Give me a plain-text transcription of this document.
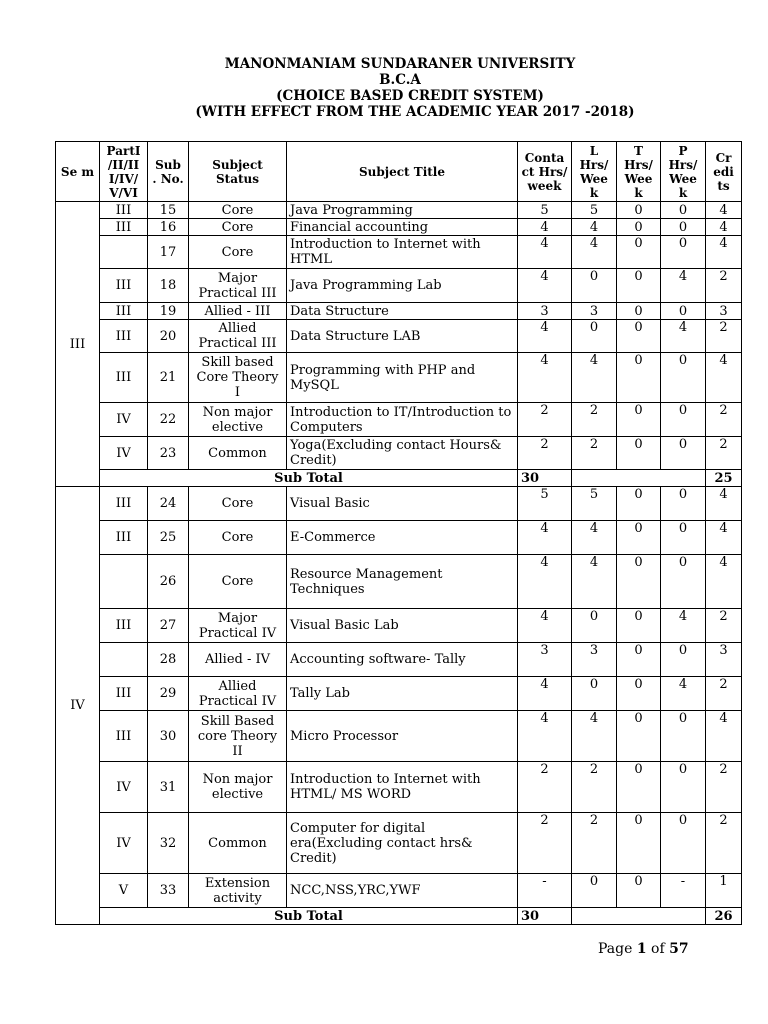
MANONMANIAM SUNDARANER UNIVERSITY
B.C.A
(CHOICE BASED CREDIT SYSTEM)
(WITH EFFECT FROM THE ACADEMIC YEAR 2017 -2018)
Se m	PartI /II/II I/IV/ V/VI	Sub . No.	Subject Status	Subject Title	Conta ct Hrs/ week	L Hrs/ Wee k	T Hrs/ Wee k	P Hrs/ Wee k	Cr edi ts
III	III	15	Core	Java Programming	5	5	0	0	4
	III	16	Core	Financial accounting	4	4	0	0	4
		17	Core	Introduction to Internet with HTML	4	4	0	0	4
	III	18	Major Practical III	Java Programming Lab	4	0	0	4	2
	III	19	Allied - III	Data Structure	3	3	0	0	3
	III	20	Allied Practical III	Data Structure LAB	4	0	0	4	2
	III	21	Skill based Core Theory I	Programming with PHP and MySQL	4	4	0	0	4
	IV	22	Non major elective	Introduction to IT/Introduction to Computers	2	2	0	0	2
	IV	23	Common	Yoga(Excluding contact Hours& Credit)	2	2	0	0	2
	Sub Total				30				25
IV	III	24	Core	Visual Basic	5	5	0	0	4
	III	25	Core	E-Commerce	4	4	0	0	4
		26	Core	Resource Management Techniques	4	4	0	0	4
	III	27	Major Practical IV	Visual Basic Lab	4	0	0	4	2
		28	Allied - IV	Accounting software- Tally	3	3	0	0	3
	III	29	Allied Practical IV	Tally Lab	4	0	0	4	2
	III	30	Skill Based core Theory II	Micro Processor	4	4	0	0	4
	IV	31	Non major elective	Introduction to Internet with HTML/ MS WORD	2	2	0	0	2
	IV	32	Common	Computer for digital era(Excluding contact hrs& Credit)	2	2	0	0	2
	V	33	Extension activity	NCC,NSS,YRC,YWF	-	0	0	-	1
	Sub Total				30				26
Page 1 of 57
